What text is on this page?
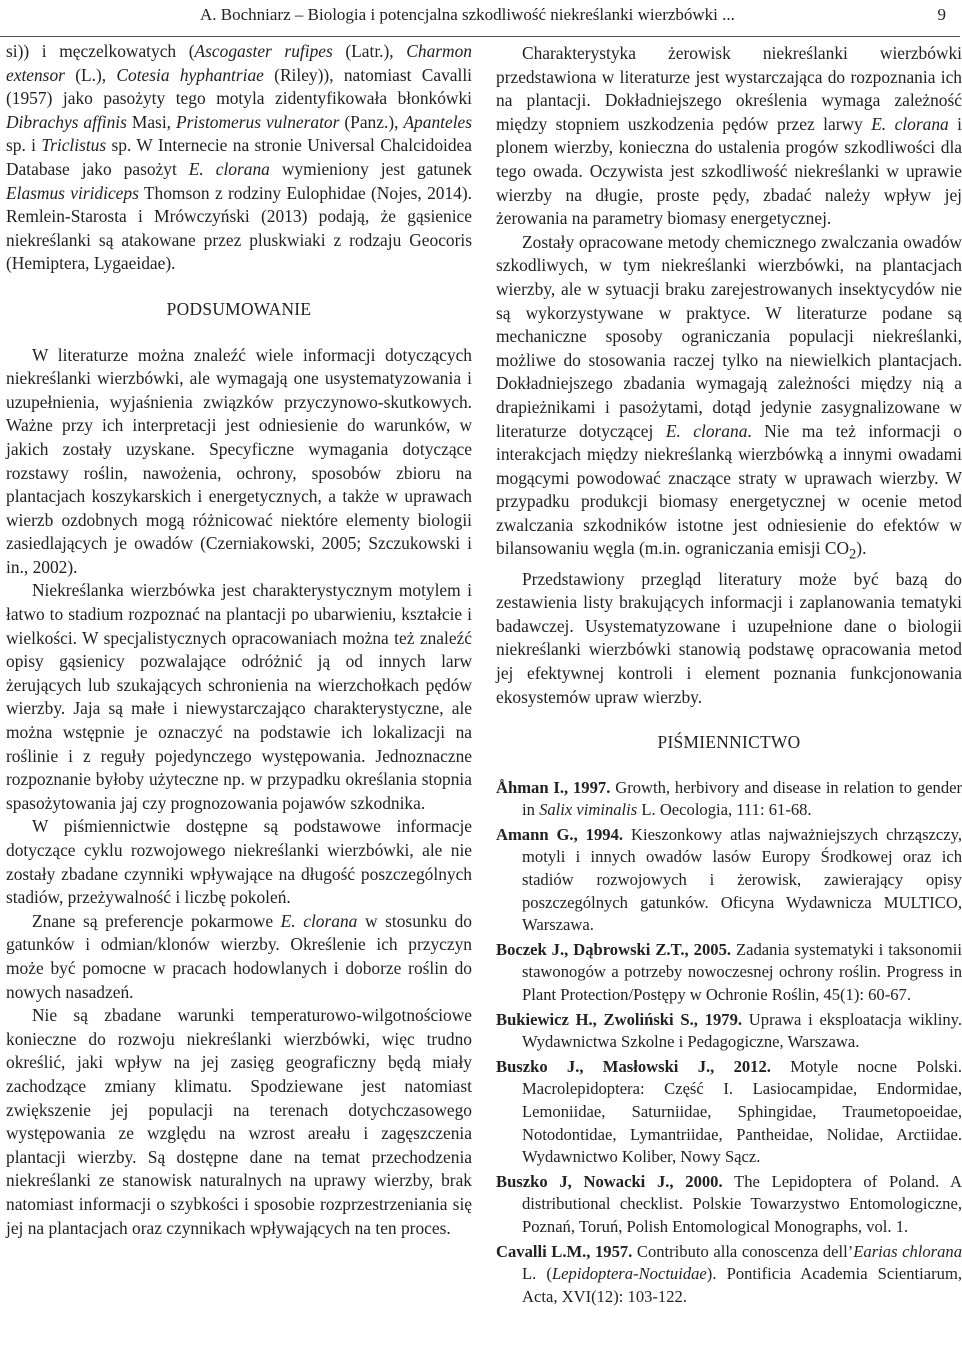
A. Bochniarz – Biologia i potencjalna szkodliwość niekreślanki wierzbówki ...	9

si)) i męczelkowatych (Ascogaster rufipes (Latr.), Charmon extensor (L.), Cotesia hyphantriae (Riley)), natomiast Cavalli (1957) jako pasożyty tego motyla zidentyfikowała błonkówki Dibrachys affinis Masi, Pristomerus vulnerator (Panz.), Apanteles sp. i Triclistus sp. W Internecie na stronie Universal Chalcidoidea Database jako pasożyt E. clorana wymieniony jest gatunek Elasmus viridiceps Thomson z rodziny Eulophidae (Nojes, 2014). Remlein-Starosta i Mrówczyński (2013) podają, że gąsienice niekreślanki są atakowane przez pluskwiaki z rodzaju Geocoris (Hemiptera, Lygaeidae).

PODSUMOWANIE

W literaturze można znaleźć wiele informacji dotyczących niekreślanki wierzbówki, ale wymagają one usystematyzowania i uzupełnienia, wyjaśnienia związków przyczynowo-skutkowych. Ważne przy ich interpretacji jest odniesienie do warunków, w jakich zostały uzyskane. Specyficzne wymagania dotyczące rozstawy roślin, nawożenia, ochrony, sposobów zbioru na plantacjach koszykarskich i energetycznych, a także w uprawach wierzb ozdobnych mogą różnicować niektóre elementy biologii zasiedlających je owadów (Czerniakowski, 2005; Szczukowski i in., 2002).

Niekreślanka wierzbówka jest charakterystycznym motylem i łatwo to stadium rozpoznać na plantacji po ubarwieniu, kształcie i wielkości. W specjalistycznych opracowaniach można też znaleźć opisy gąsienicy pozwalające odróżnić ją od innych larw żerujących lub szukających schronienia na wierzchołkach pędów wierzby. Jaja są małe i niewystarczająco charakterystyczne, ale można wstępnie je oznaczyć na podstawie ich lokalizacji na roślinie i z reguły pojedynczego występowania. Jednoznaczne rozpoznanie byłoby użyteczne np. w przypadku określania stopnia spasożytowania jaj czy prognozowania pojawów szkodnika.

W piśmiennictwie dostępne są podstawowe informacje dotyczące cyklu rozwojowego niekreślanki wierzbówki, ale nie zostały zbadane czynniki wpływające na długość poszczególnych stadiów, przeżywalność i liczbę pokoleń.

Znane są preferencje pokarmowe E. clorana w stosunku do gatunków i odmian/klonów wierzby. Określenie ich przyczyn może być pomocne w pracach hodowlanych i doborze roślin do nowych nasadzeń.

Nie są zbadane warunki temperaturowo-wilgotnościowe konieczne do rozwoju niekreślanki wierzbówki, więc trudno określić, jaki wpływ na jej zasięg geograficzny będą miały zachodzące zmiany klimatu. Spodziewane jest natomiast zwiększenie jej populacji na terenach dotychczasowego występowania ze względu na wzrost areału i zagęszczenia plantacji wierzby. Są dostępne dane na temat przechodzenia niekreślanki ze stanowisk naturalnych na uprawy wierzby, brak natomiast informacji o szybkości i sposobie rozprzestrzeniania się jej na plantacjach oraz czynnikach wpływających na ten proces.

Charakterystyka żerowisk niekreślanki wierzbówki przedstawiona w literaturze jest wystarczająca do rozpoznania ich na plantacji. Dokładniejszego określenia wymaga zależność między stopniem uszkodzenia pędów przez larwy E. clorana i plonem wierzby, konieczna do ustalenia progów szkodliwości dla tego owada. Oczywista jest szkodliwość niekreślanki w uprawie wierzby na długie, proste pędy, zbadać należy wpływ jej żerowania na parametry biomasy energetycznej.

Zostały opracowane metody chemicznego zwalczania owadów szkodliwych, w tym niekreślanki wierzbówki, na plantacjach wierzby, ale w sytuacji braku zarejestrowanych insektycydów nie są wykorzystywane w praktyce. W literaturze podane są mechaniczne sposoby ograniczania populacji niekreślanki, możliwe do stosowania raczej tylko na niewielkich plantacjach. Dokładniejszego zbadania wymagają zależności między nią a drapieżnikami i pasożytami, dotąd jedynie zasygnalizowane w literaturze dotyczącej E. clorana. Nie ma też informacji o interakcjach między niekreślanką wierzbówką a innymi owadami mogącymi powodować znaczące straty w uprawach wierzby. W przypadku produkcji biomasy energetycznej w ocenie metod zwalczania szkodników istotne jest odniesienie do efektów w bilansowaniu węgla (m.in. ograniczania emisji $CO_2$).

Przedstawiony przegląd literatury może być bazą do zestawienia listy brakujących informacji i zaplanowania tematyki badawczej. Usystematyzowane i uzupełnione dane o biologii niekreślanki wierzbówki stanowią podstawę opracowania metod jej efektywnej kontroli i element poznania funkcjonowania ekosystemów upraw wierzby.

PIŚMIENNICTWO

Åhman I., 1997. Growth, herbivory and disease in relation to gender in Salix viminalis L. Oecologia, 111: 61-68.

Amann G., 1994. Kieszonkowy atlas najważniejszych chrząszczy, motyli i innych owadów lasów Europy Środkowej oraz ich stadiów rozwojowych i żerowisk, zawierający opisy poszczególnych gatunków. Oficyna Wydawnicza MULTICO, Warszawa.

Boczek J., Dąbrowski Z.T., 2005. Zadania systematyki i taksonomii stawonogów a potrzeby nowoczesnej ochrony roślin. Progress in Plant Protection/Postępy w Ochronie Roślin, 45(1): 60-67.

Bukiewicz H., Zwoliński S., 1979. Uprawa i eksploatacja wikliny. Wydawnictwa Szkolne i Pedagogiczne, Warszawa.

Buszko J., Masłowski J., 2012. Motyle nocne Polski. Macrolepidoptera: Część I. Lasiocampidae, Endormidae, Lemoniidae, Saturniidae, Sphingidae, Traumetopoeidae, Notodontidae, Lymantriidae, Pantheidae, Nolidae, Arctiidae. Wydawnictwo Koliber, Nowy Sącz.

Buszko J, Nowacki J., 2000. The Lepidoptera of Poland. A distributional checklist. Polskie Towarzystwo Entomologiczne, Poznań, Toruń, Polish Entomological Monographs, vol. 1.

Cavalli L.M., 1957. Contributo alla conoscenza dell’Earias chlorana L. (Lepidoptera-Noctuidae). Pontificia Academia Scientiarum, Acta, XVI(12): 103-122.
